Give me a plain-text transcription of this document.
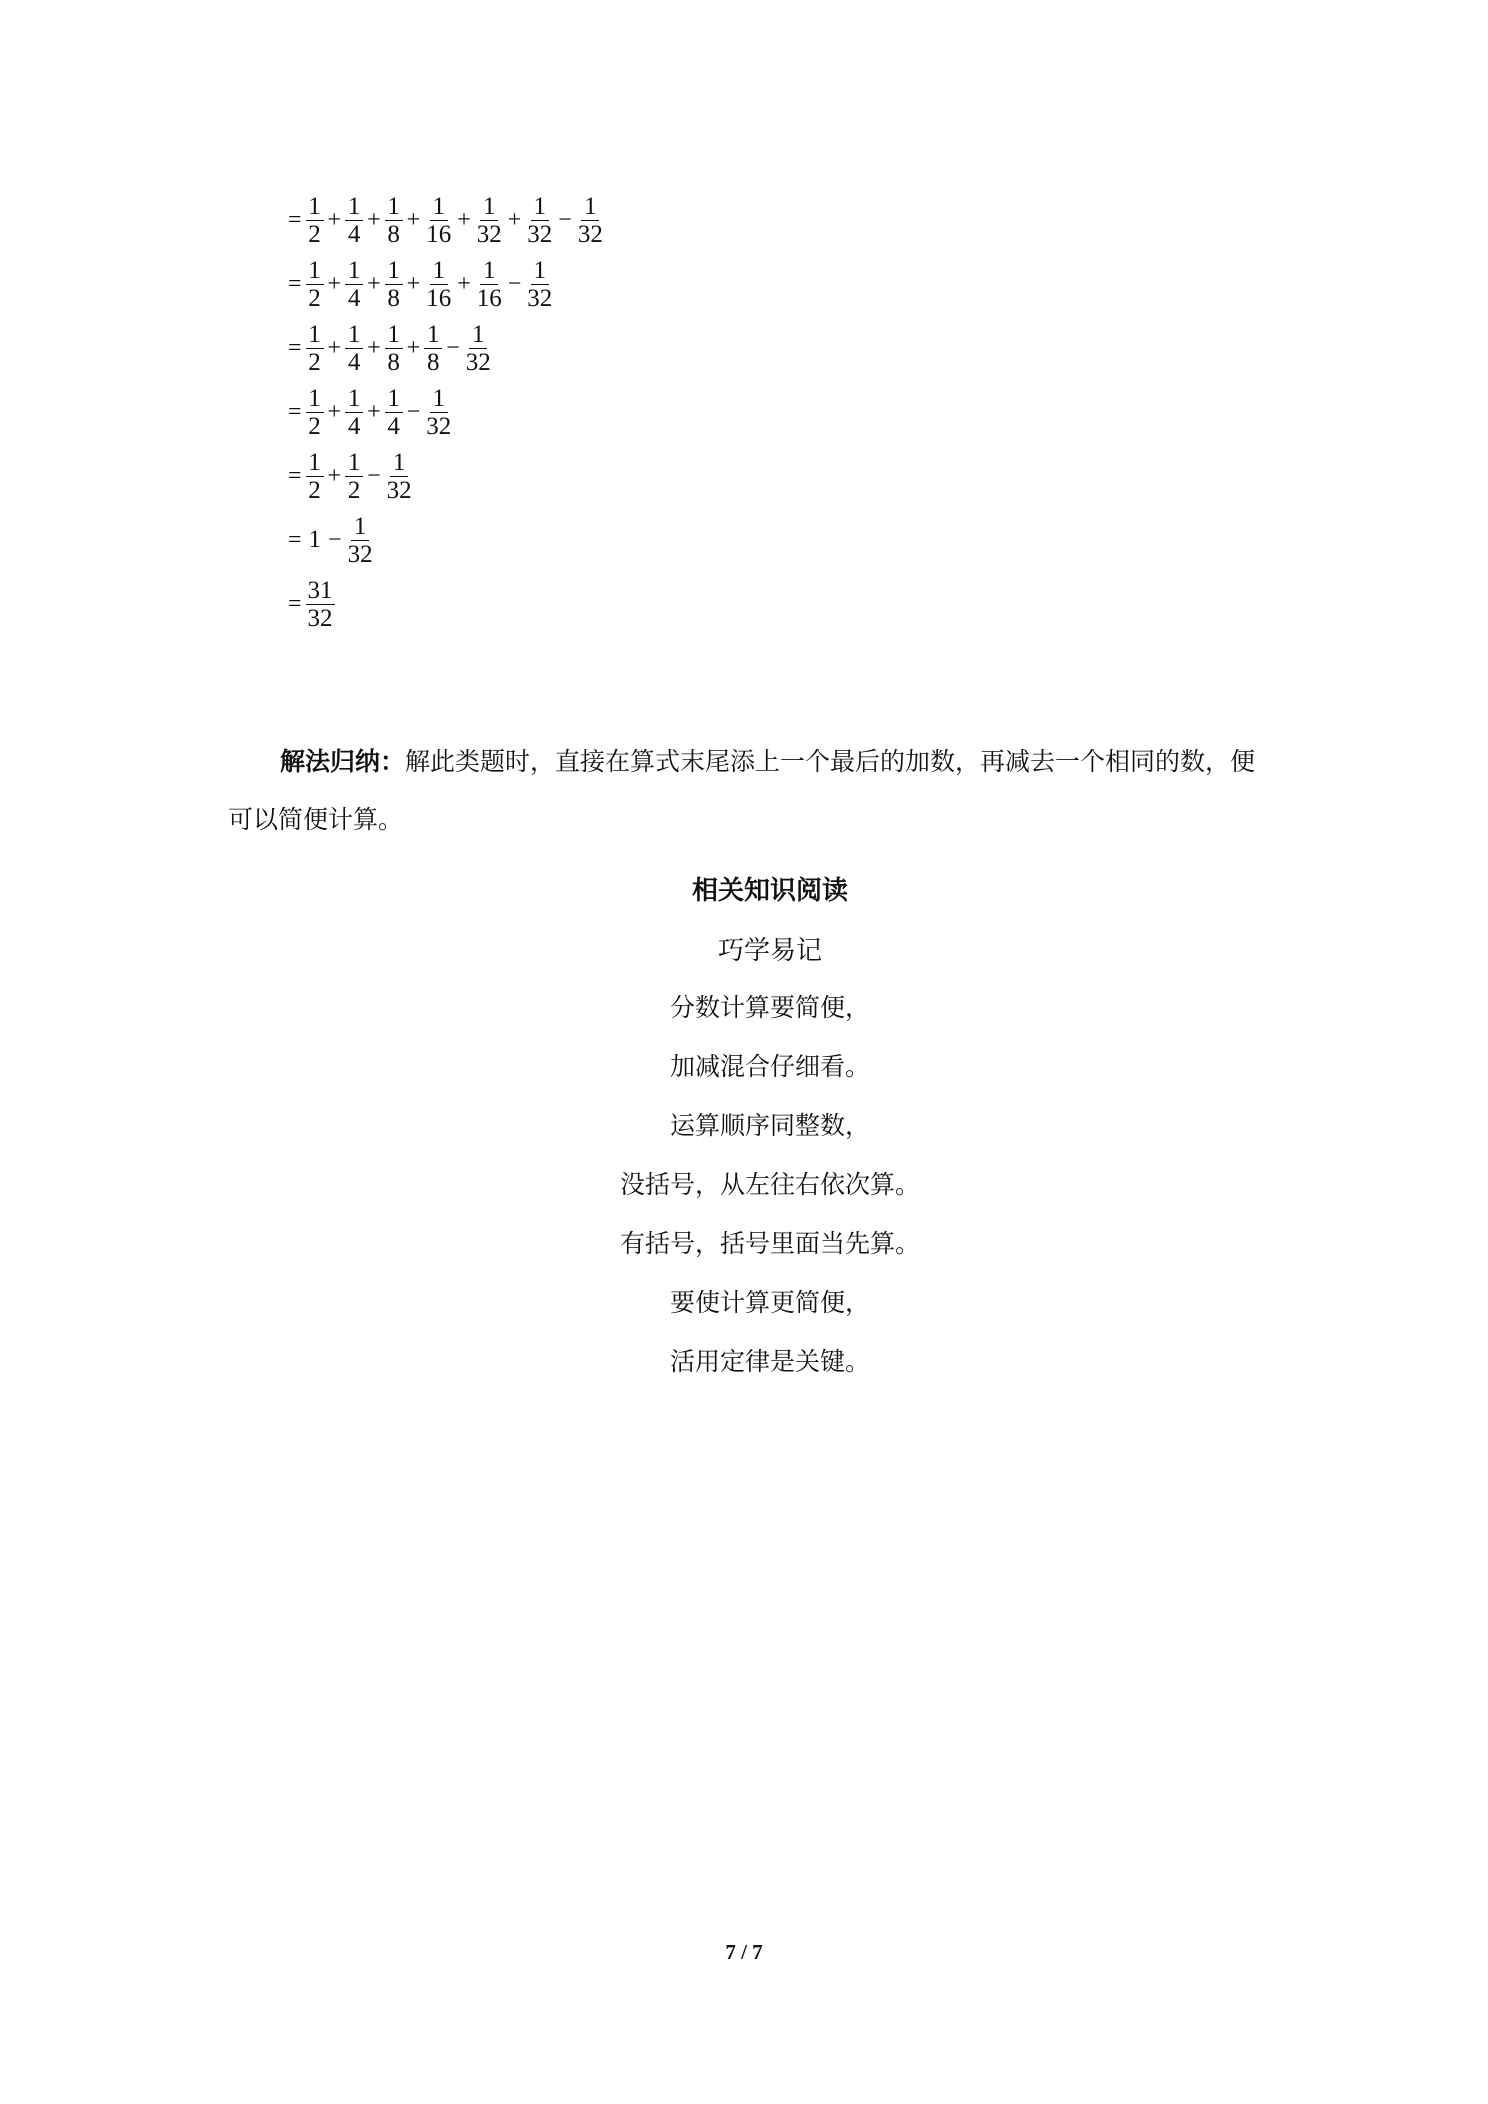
= $\frac{1}{2} + \frac{1}{4} + \frac{1}{8} + \frac{1}{16} + \frac{1}{32} + \frac{1}{32} - \frac{1}{32}$
= $\frac{1}{2} + \frac{1}{4} + \frac{1}{8} + \frac{1}{16} + \frac{1}{16} - \frac{1}{32}$
= $\frac{1}{2} + \frac{1}{4} + \frac{1}{8} + \frac{1}{8} - \frac{1}{32}$
= $\frac{1}{2} + \frac{1}{4} + \frac{1}{4} - \frac{1}{32}$
= $\frac{1}{2} + \frac{1}{2} - \frac{1}{32}$
= $1 - \frac{1}{32}$
= $\frac{31}{32}$
解法归纳：解此类题时，直接在算式末尾添上一个最后的加数，再减去一个相同的数，便可以简便计算。
相关知识阅读
巧学易记
分数计算要简便，
加减混合仔细看。
运算顺序同整数，
没括号，从左往右依次算。
有括号，括号里面当先算。
要使计算更简便，
活用定律是关键。
7 / 7
